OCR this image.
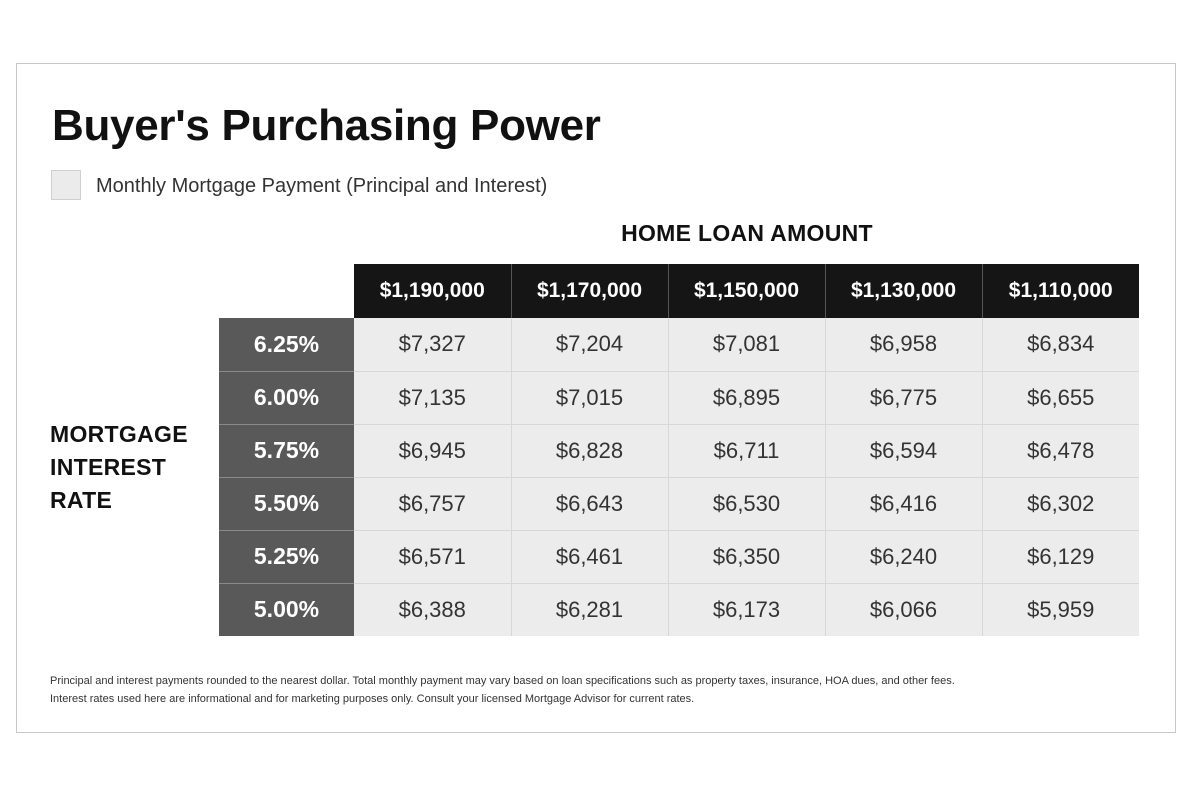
Buyer's Purchasing Power
Monthly Mortgage Payment (Principal and Interest)
HOME LOAN AMOUNT
MORTGAGE
INTEREST
RATE
	$1,190,000	$1,170,000	$1,150,000	$1,130,000	$1,110,000
6.25%	$7,327	$7,204	$7,081	$6,958	$6,834
6.00%	$7,135	$7,015	$6,895	$6,775	$6,655
5.75%	$6,945	$6,828	$6,711	$6,594	$6,478
5.50%	$6,757	$6,643	$6,530	$6,416	$6,302
5.25%	$6,571	$6,461	$6,350	$6,240	$6,129
5.00%	$6,388	$6,281	$6,173	$6,066	$5,959
Principal and interest payments rounded to the nearest dollar. Total monthly payment may vary based on loan specifications such as property taxes, insurance, HOA dues, and other fees.
Interest rates used here are informational and for marketing purposes only. Consult your licensed Mortgage Advisor for current rates.
